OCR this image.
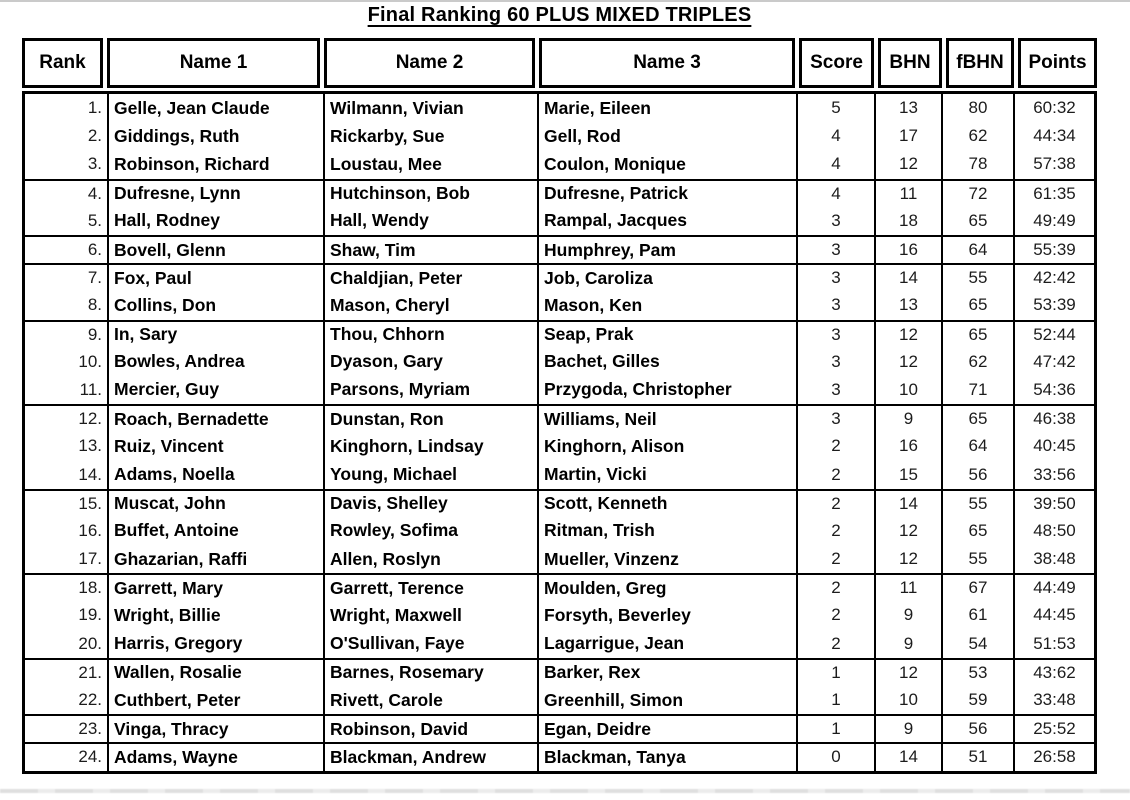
Final Ranking 60 PLUS MIXED TRIPLES
Rank	Name 1	Name 2	Name 3	Score	BHN	fBHN	Points
1. Gelle, Jean Claude	Wilmann, Vivian	Marie, Eileen	5	13	80	60:32
2. Giddings, Ruth	Rickarby, Sue	Gell, Rod	4	17	62	44:34
3. Robinson, Richard	Loustau, Mee	Coulon, Monique	4	12	78	57:38
4. Dufresne, Lynn	Hutchinson, Bob	Dufresne, Patrick	4	11	72	61:35
5. Hall, Rodney	Hall, Wendy	Rampal, Jacques	3	18	65	49:49
6. Bovell, Glenn	Shaw, Tim	Humphrey, Pam	3	16	64	55:39
7. Fox, Paul	Chaldjian, Peter	Job, Caroliza	3	14	55	42:42
8. Collins, Don	Mason, Cheryl	Mason, Ken	3	13	65	53:39
9. In, Sary	Thou, Chhorn	Seap, Prak	3	12	65	52:44
10. Bowles, Andrea	Dyason, Gary	Bachet, Gilles	3	12	62	47:42
11. Mercier, Guy	Parsons, Myriam	Przygoda, Christopher	3	10	71	54:36
12. Roach, Bernadette	Dunstan, Ron	Williams, Neil	3	9	65	46:38
13. Ruiz, Vincent	Kinghorn, Lindsay	Kinghorn, Alison	2	16	64	40:45
14. Adams, Noella	Young, Michael	Martin, Vicki	2	15	56	33:56
15. Muscat, John	Davis, Shelley	Scott, Kenneth	2	14	55	39:50
16. Buffet, Antoine	Rowley, Sofima	Ritman, Trish	2	12	65	48:50
17. Ghazarian, Raffi	Allen, Roslyn	Mueller, Vinzenz	2	12	55	38:48
18. Garrett, Mary	Garrett, Terence	Moulden, Greg	2	11	67	44:49
19. Wright, Billie	Wright, Maxwell	Forsyth, Beverley	2	9	61	44:45
20. Harris, Gregory	O'Sullivan, Faye	Lagarrigue, Jean	2	9	54	51:53
21. Wallen, Rosalie	Barnes, Rosemary	Barker, Rex	1	12	53	43:62
22. Cuthbert, Peter	Rivett, Carole	Greenhill, Simon	1	10	59	33:48
23. Vinga, Thracy	Robinson, David	Egan, Deidre	1	9	56	25:52
24. Adams, Wayne	Blackman, Andrew	Blackman, Tanya	0	14	51	26:58
